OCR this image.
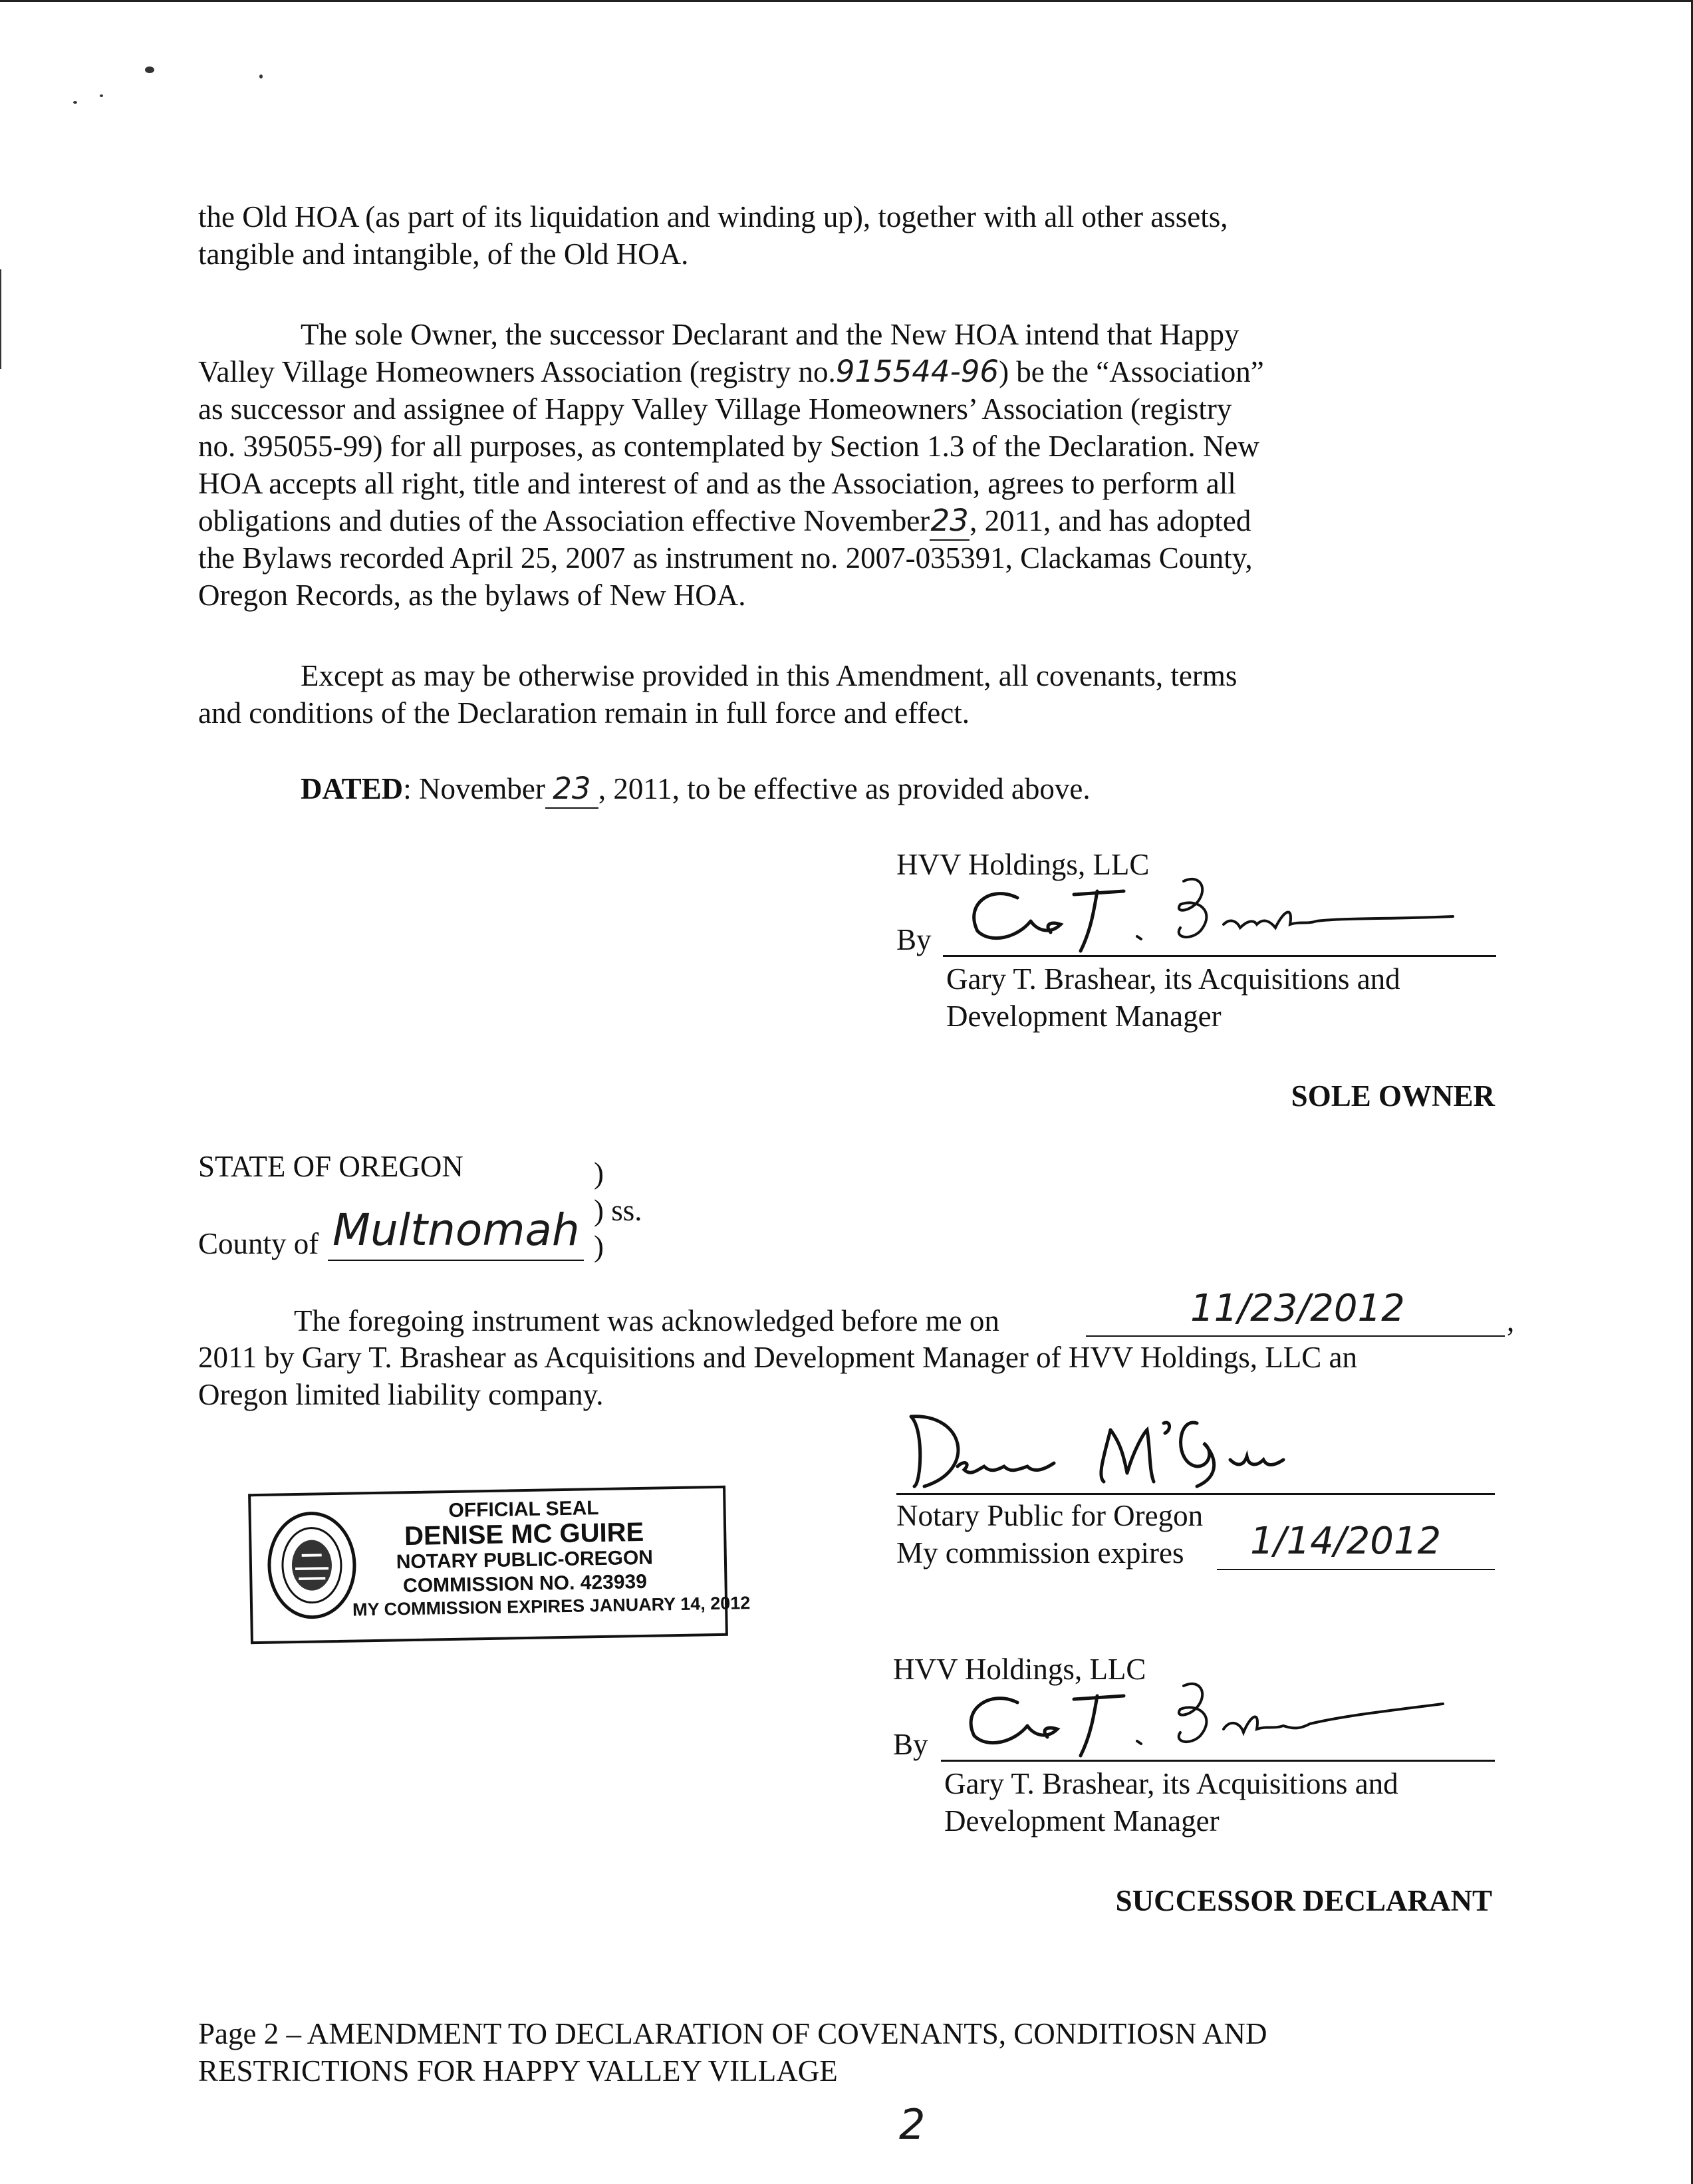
the Old HOA (as part of its liquidation and winding up), together with all other assets,
tangible and intangible, of the Old HOA.
The sole Owner, the successor Declarant and the New HOA intend that Happy
Valley Village Homeowners Association (registry no.915544-96) be the “Association”
as successor and assignee of Happy Valley Village Homeowners’ Association (registry
no. 395055-99) for all purposes, as contemplated by Section 1.3 of the Declaration. New
HOA accepts all right, title and interest of and as the Association, agrees to perform all
obligations and duties of the Association effective November23, 2011, and has adopted
the Bylaws recorded April 25, 2007 as instrument no. 2007-035391, Clackamas County,
Oregon Records, as the bylaws of New HOA.
Except as may be otherwise provided in this Amendment, all covenants, terms
and conditions of the Declaration remain in full force and effect.
DATED: November 23 , 2011, to be effective as provided above.
HVV Holdings, LLC
By
Gary T. Brashear, its Acquisitions and
Development Manager
SOLE OWNER
STATE OF OREGON	)
) ss.
County of Multnomah )
The foregoing instrument was acknowledged before me on	11/23/2012	,
2011 by Gary T. Brashear as Acquisitions and Development Manager of HVV Holdings, LLC an
Oregon limited liability company.
Notary Public for Oregon
My commission expires 1/14/2012
OFFICIAL SEAL
DENISE MC GUIRE
NOTARY PUBLIC-OREGON
COMMISSION NO. 423939
MY COMMISSION EXPIRES JANUARY 14, 2012
HVV Holdings, LLC
By
Gary T. Brashear, its Acquisitions and
Development Manager
SUCCESSOR DECLARANT
Page 2 – AMENDMENT TO DECLARATION OF COVENANTS, CONDITIOSN AND
RESTRICTIONS FOR HAPPY VALLEY VILLAGE
2
